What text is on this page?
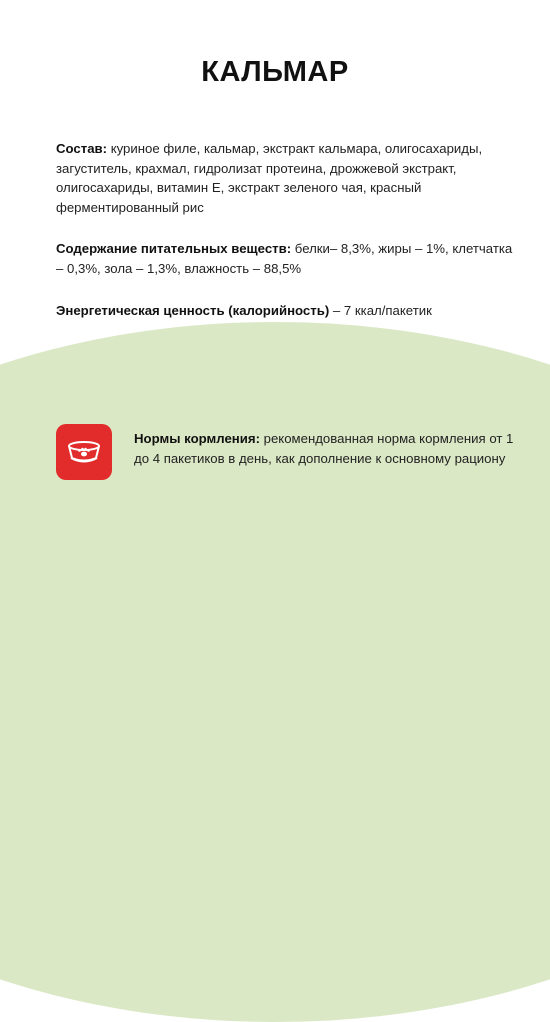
КАЛЬМАР
Состав: куриное филе, кальмар, экстракт кальмара, олигосахариды, загуститель, крахмал, гидролизат протеина, дрожжевой экстракт, олигосахариды, витамин Е, экстракт зеленого чая, красный ферментированный рис
Содержание питательных веществ: белки– 8,3%, жиры – 1%, клетчатка – 0,3%, зола – 1,3%, влажность – 88,5%
Энергетическая ценность (калорийность) – 7 ккал/пакетик
Нормы кормления: рекомендованная норма кормления от 1 до 4 пакетиков в день, как дополнение к основному рациону
